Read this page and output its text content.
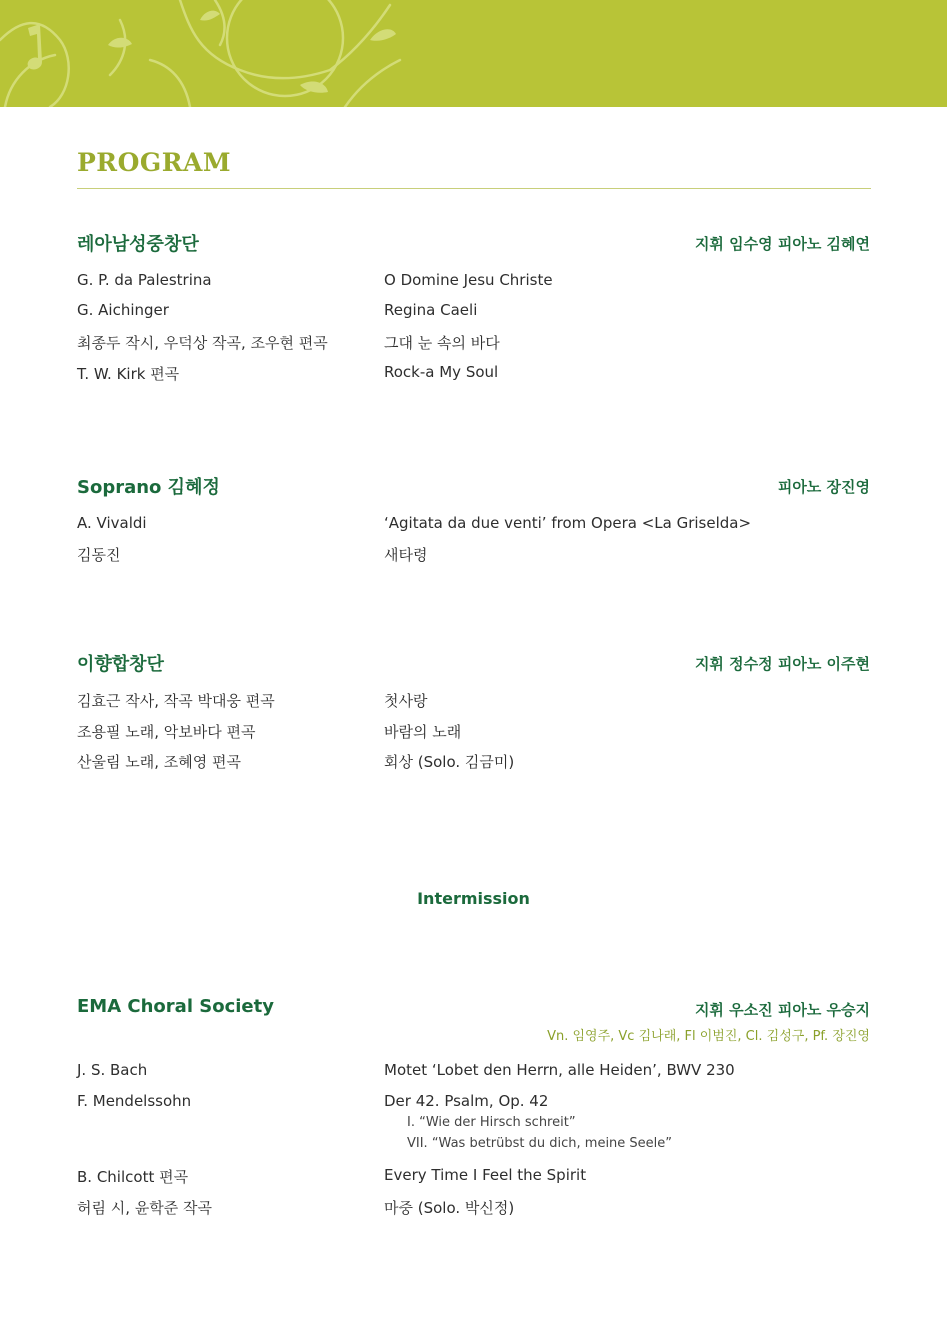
PROGRAM
레아남성중창단	지휘 임수영 피아노 김혜연
G. P. da Palestrina	O Domine Jesu Christe
G. Aichinger	Regina Caeli
최종두 작시, 우덕상 작곡, 조우현 편곡	그대 눈 속의 바다
T. W. Kirk 편곡	Rock-a My Soul
Soprano 김혜정	피아노 장진영
A. Vivaldi	‘Agitata da due venti’ from Opera <La Griselda>
김동진	새타령
이향합창단	지휘 정수정 피아노 이주현
김효근 작사, 작곡 박대웅 편곡	첫사랑
조용필 노래, 악보바다 편곡	바람의 노래
산울림 노래, 조혜영 편곡	회상 (Solo. 김금미)
Intermission
EMA Choral Society	지휘 우소진 피아노 우승지
Vn. 임영주, Vc 김나래, Fl 이범진, Cl. 김성구, Pf. 장진영
J. S. Bach	Motet ‘Lobet den Herrn, alle Heiden’, BWV 230
F. Mendelssohn	Der 42. Psalm, Op. 42
I. “Wie der Hirsch schreit”
VII. “Was betrübst du dich, meine Seele”
B. Chilcott 편곡	Every Time I Feel the Spirit
허림 시, 윤학준 작곡	마중 (Solo. 박신정)
